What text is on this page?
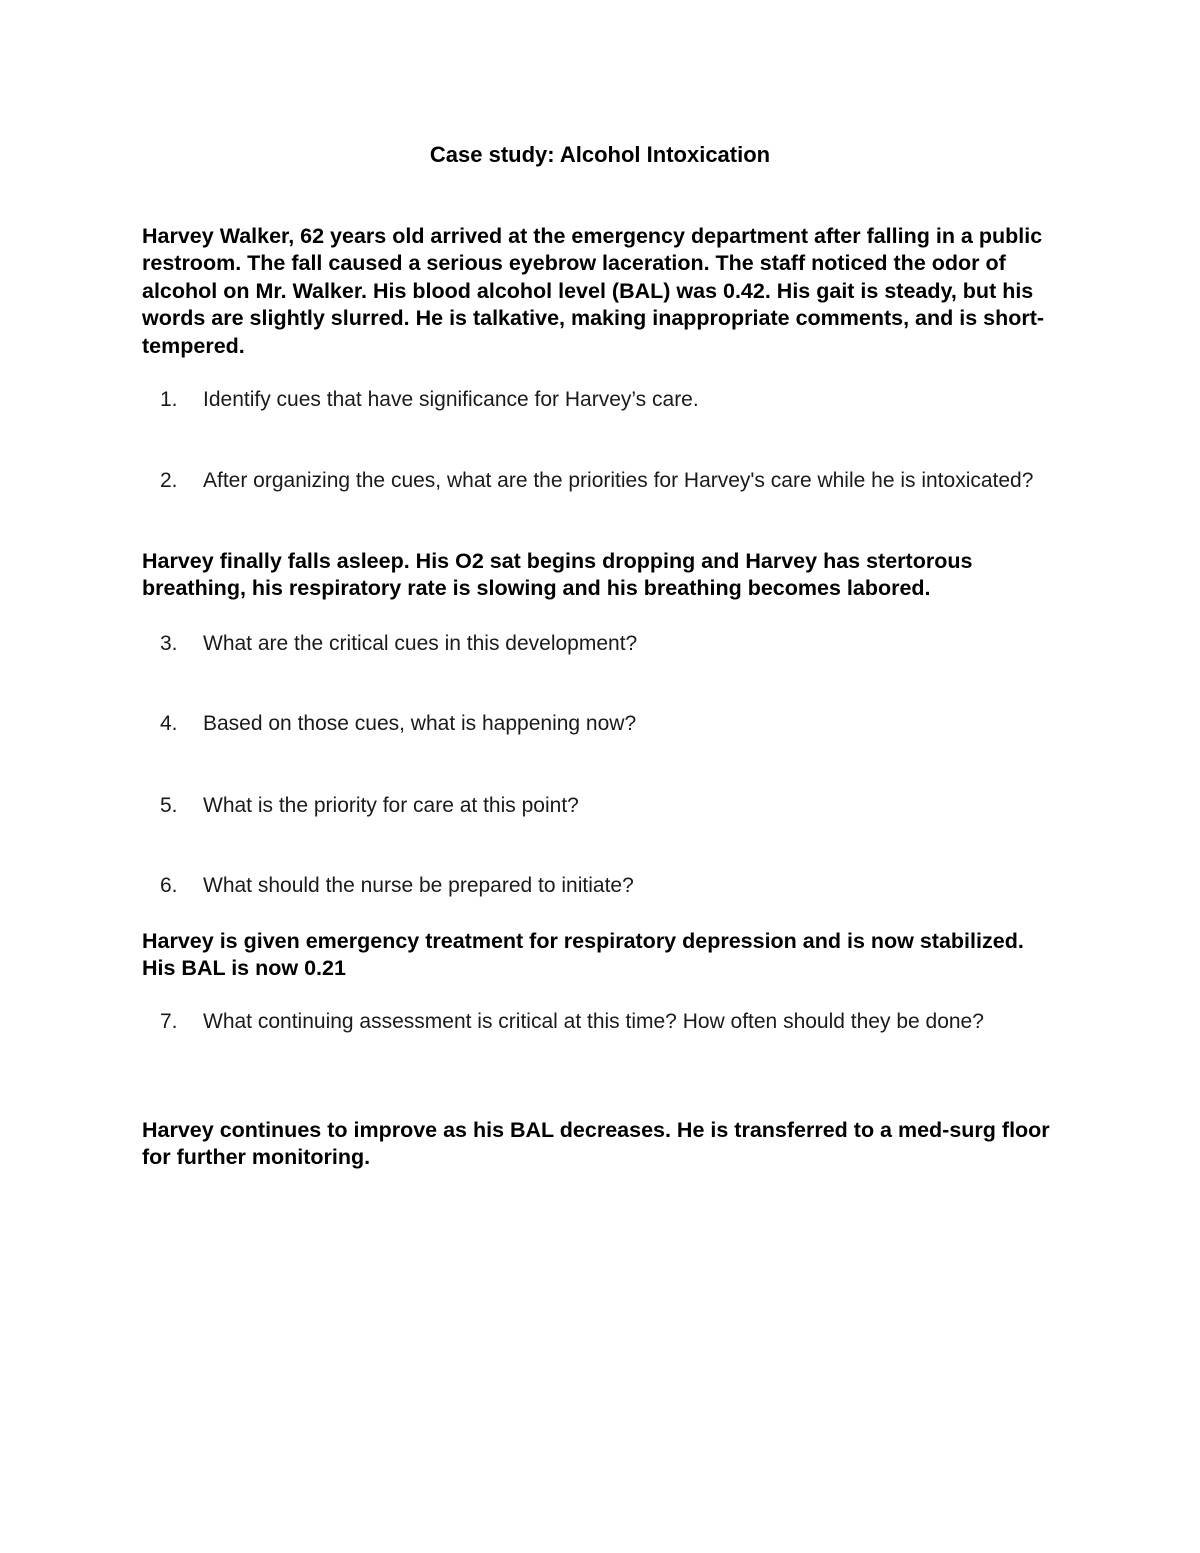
Case study: Alcohol Intoxication

Harvey Walker, 62 years old arrived at the emergency department after falling in a public restroom. The fall caused a serious eyebrow laceration. The staff noticed the odor of alcohol on Mr. Walker. His blood alcohol level (BAL) was 0.42. His gait is steady, but his words are slightly slurred. He is talkative, making inappropriate comments, and is short-tempered.

1.	Identify cues that have significance for Harvey’s care.
2.	After organizing the cues, what are the priorities for Harvey's care while he is intoxicated?

Harvey finally falls asleep. His O2 sat begins dropping and Harvey has stertorous breathing, his respiratory rate is slowing and his breathing becomes labored.

3.	What are the critical cues in this development?
4.	Based on those cues, what is happening now?
5.	What is the priority for care at this point?
6.	What should the nurse be prepared to initiate?

Harvey is given emergency treatment for respiratory depression and is now stabilized. His BAL is now 0.21

7.	What continuing assessment is critical at this time? How often should they be done?

Harvey continues to improve as his BAL decreases. He is transferred to a med-surg floor for further monitoring.
